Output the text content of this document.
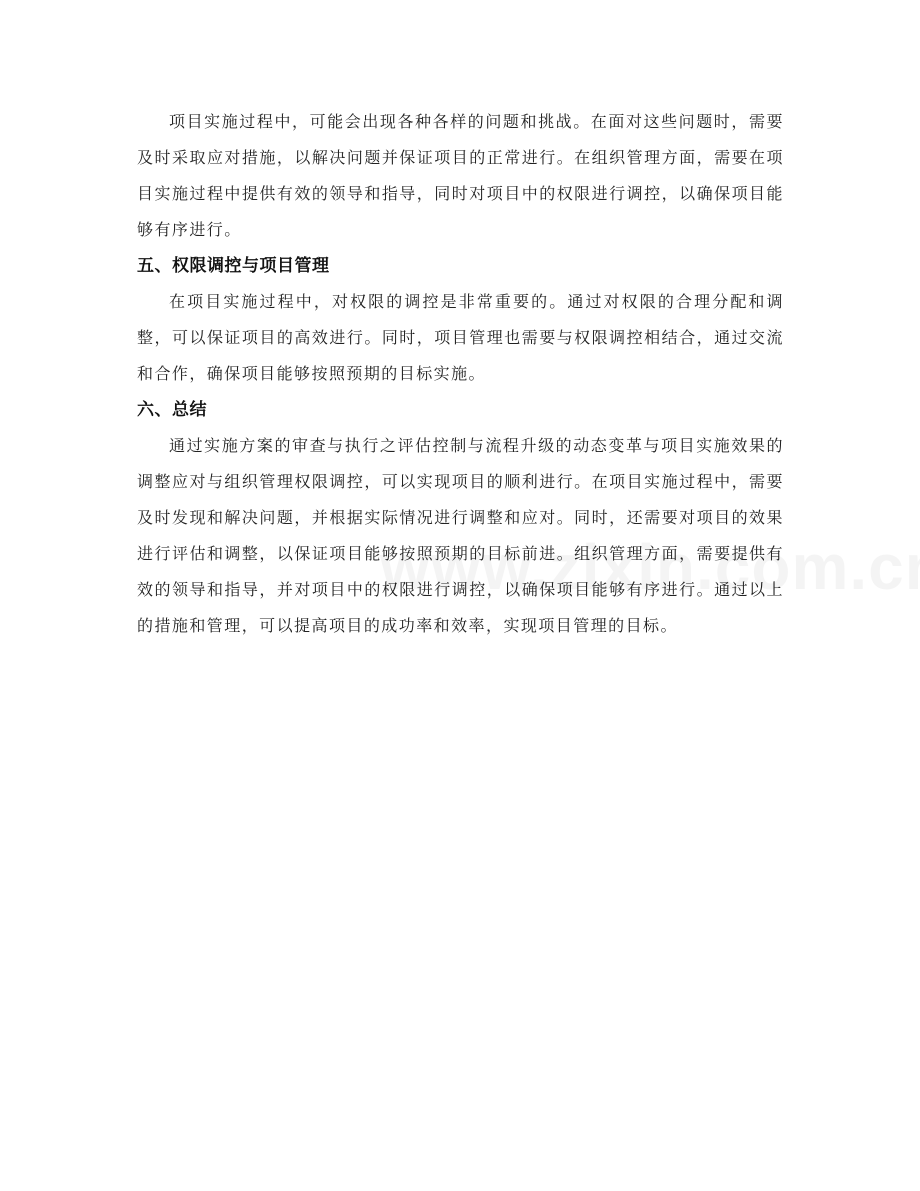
项目实施过程中，可能会出现各种各样的问题和挑战。在面对这些问题时，需要及时采取应对措施，以解决问题并保证项目的正常进行。在组织管理方面，需要在项目实施过程中提供有效的领导和指导，同时对项目中的权限进行调控，以确保项目能够有序进行。

五、权限调控与项目管理

在项目实施过程中，对权限的调控是非常重要的。通过对权限的合理分配和调整，可以保证项目的高效进行。同时，项目管理也需要与权限调控相结合，通过交流和合作，确保项目能够按照预期的目标实施。

六、总结

通过实施方案的审查与执行之评估控制与流程升级的动态变革与项目实施效果的调整应对与组织管理权限调控，可以实现项目的顺利进行。在项目实施过程中，需要及时发现和解决问题，并根据实际情况进行调整和应对。同时，还需要对项目的效果进行评估和调整，以保证项目能够按照预期的目标前进。组织管理方面，需要提供有效的领导和指导，并对项目中的权限进行调控，以确保项目能够有序进行。通过以上的措施和管理，可以提高项目的成功率和效率，实现项目管理的目标。
